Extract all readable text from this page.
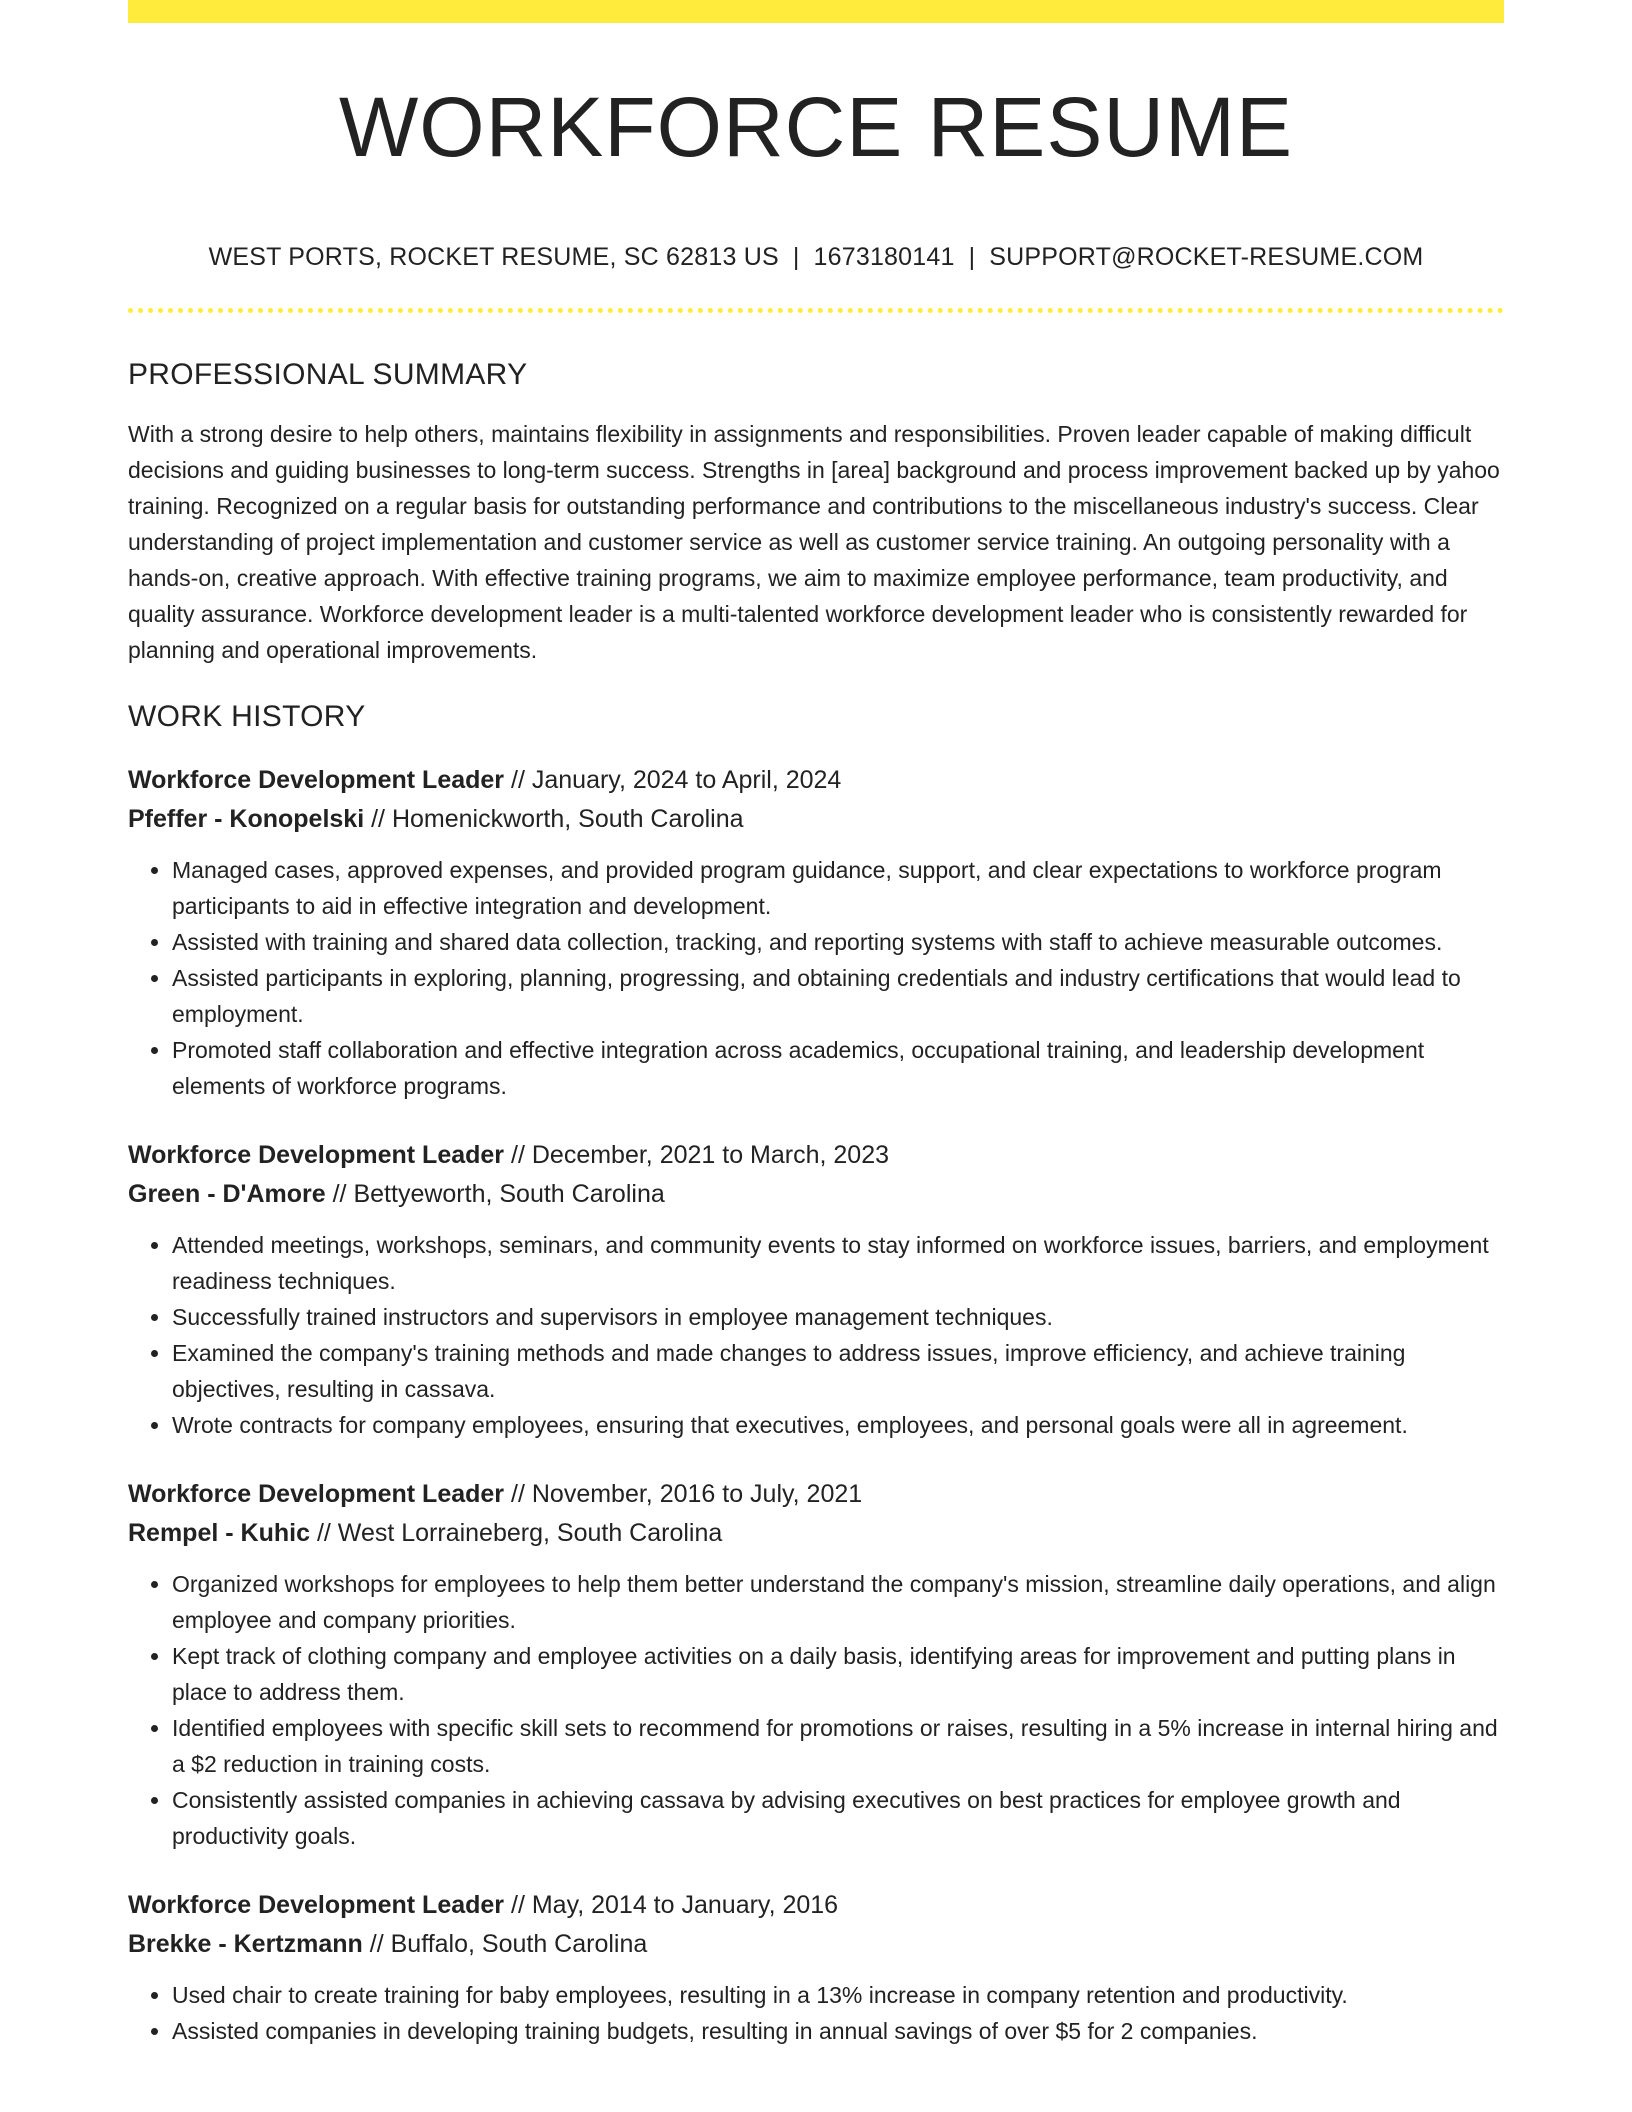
WORKFORCE RESUME
WEST PORTS, ROCKET RESUME, SC 62813 US | 1673180141 | SUPPORT@ROCKET-RESUME.COM
PROFESSIONAL SUMMARY
With a strong desire to help others, maintains flexibility in assignments and responsibilities. Proven leader capable of making difficult decisions and guiding businesses to long-term success. Strengths in [area] background and process improvement backed up by yahoo training. Recognized on a regular basis for outstanding performance and contributions to the miscellaneous industry's success. Clear understanding of project implementation and customer service as well as customer service training. An outgoing personality with a hands-on, creative approach. With effective training programs, we aim to maximize employee performance, team productivity, and quality assurance. Workforce development leader is a multi-talented workforce development leader who is consistently rewarded for planning and operational improvements.
WORK HISTORY
Workforce Development Leader // January, 2024 to April, 2024
Pfeffer - Konopelski // Homenickworth, South Carolina
• Managed cases, approved expenses, and provided program guidance, support, and clear expectations to workforce program participants to aid in effective integration and development.
• Assisted with training and shared data collection, tracking, and reporting systems with staff to achieve measurable outcomes.
• Assisted participants in exploring, planning, progressing, and obtaining credentials and industry certifications that would lead to employment.
• Promoted staff collaboration and effective integration across academics, occupational training, and leadership development elements of workforce programs.
Workforce Development Leader // December, 2021 to March, 2023
Green - D'Amore // Bettyeworth, South Carolina
• Attended meetings, workshops, seminars, and community events to stay informed on workforce issues, barriers, and employment readiness techniques.
• Successfully trained instructors and supervisors in employee management techniques.
• Examined the company's training methods and made changes to address issues, improve efficiency, and achieve training objectives, resulting in cassava.
• Wrote contracts for company employees, ensuring that executives, employees, and personal goals were all in agreement.
Workforce Development Leader // November, 2016 to July, 2021
Rempel - Kuhic // West Lorraineberg, South Carolina
• Organized workshops for employees to help them better understand the company's mission, streamline daily operations, and align employee and company priorities.
• Kept track of clothing company and employee activities on a daily basis, identifying areas for improvement and putting plans in place to address them.
• Identified employees with specific skill sets to recommend for promotions or raises, resulting in a 5% increase in internal hiring and a $2 reduction in training costs.
• Consistently assisted companies in achieving cassava by advising executives on best practices for employee growth and productivity goals.
Workforce Development Leader // May, 2014 to January, 2016
Brekke - Kertzmann // Buffalo, South Carolina
• Used chair to create training for baby employees, resulting in a 13% increase in company retention and productivity.
• Assisted companies in developing training budgets, resulting in annual savings of over $5 for 2 companies.
